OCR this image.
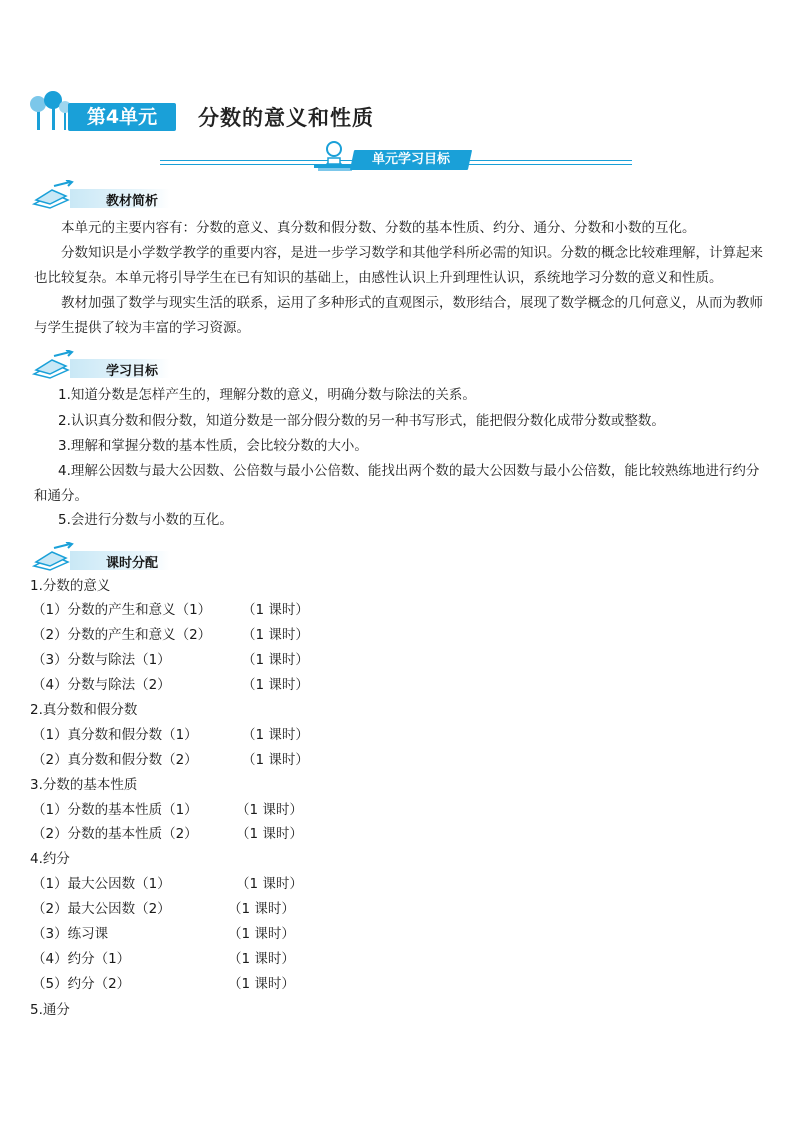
第4单元	分数的意义和性质
单元学习目标
教材简析

本单元的主要内容有：分数的意义、真分数和假分数、分数的基本性质、约分、通分、分数和小数的互化。

分数知识是小学数学教学的重要内容，是进一步学习数学和其他学科所必需的知识。分数的概念比较难理解，计算起来也比较复杂。本单元将引导学生在已有知识的基础上，由感性认识上升到理性认识，系统地学习分数的意义和性质。

教材加强了数学与现实生活的联系，运用了多种形式的直观图示，数形结合，展现了数学概念的几何意义，从而为教师与学生提供了较为丰富的学习资源。

学习目标
1.知道分数是怎样产生的，理解分数的意义，明确分数与除法的关系。
2.认识真分数和假分数，知道分数是一部分假分数的另一种书写形式，能把假分数化成带分数或整数。
3.理解和掌握分数的基本性质，会比较分数的大小。
4.理解公因数与最大公因数、公倍数与最小公倍数、能找出两个数的最大公因数与最小公倍数，能比较熟练地进行约分和通分。
5.会进行分数与小数的互化。
课时分配
1.分数的意义
（1）分数的产生和意义（1） （1 课时）
（2）分数的产生和意义（2） （1 课时）
（3）分数与除法（1）	（1 课时）
（4）分数与除法（2）	（1 课时）
2.真分数和假分数
（1）真分数和假分数（1）	（1 课时）
（2）真分数和假分数（2）	（1 课时）
3.分数的基本性质
（1）分数的基本性质（1）	（1 课时）
（2）分数的基本性质（2）	（1 课时）
4.约分
（1）最大公因数（1）	（1 课时）
（2）最大公因数（2）	（1 课时）
（3）练习课	（1 课时）
（4）约分（1）	（1 课时）
（5）约分（2）	（1 课时）
5.通分
